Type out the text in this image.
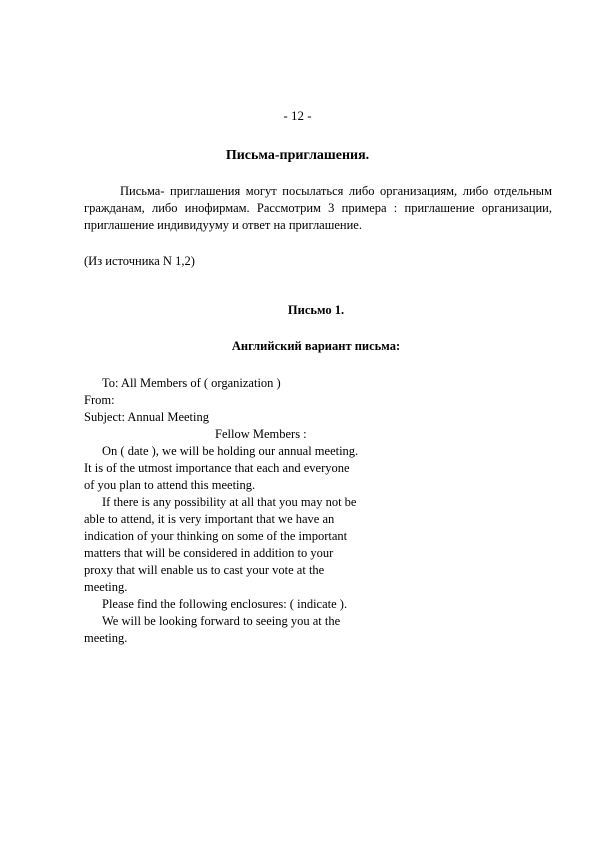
- 12 -
Письма-приглашения.

Письма- приглашения могут посылаться либо организациям, либо отдельным гражданам, либо инофирмам. Рассмотрим 3 примера : приглашение организации, приглашение индивидууму и ответ на приглашение.

(Из источника N 1,2)
Письмо 1.
Английский вариант письма:
To: All Members of ( organization )
From:
Subject: Annual Meeting
Fellow Members :
On ( date ), we will be holding our annual meeting.
It is of the utmost importance that each and everyone
of you plan to attend this meeting.
If there is any possibility at all that you may not be
able to attend, it is very important that we have an
indication of your thinking on some of the important
matters that will be considered in addition to your
proxy that will enable us to cast your vote at the
meeting.
Please find the following enclosures: ( indicate ).
We will be looking forward to seeing you at the
meeting.
